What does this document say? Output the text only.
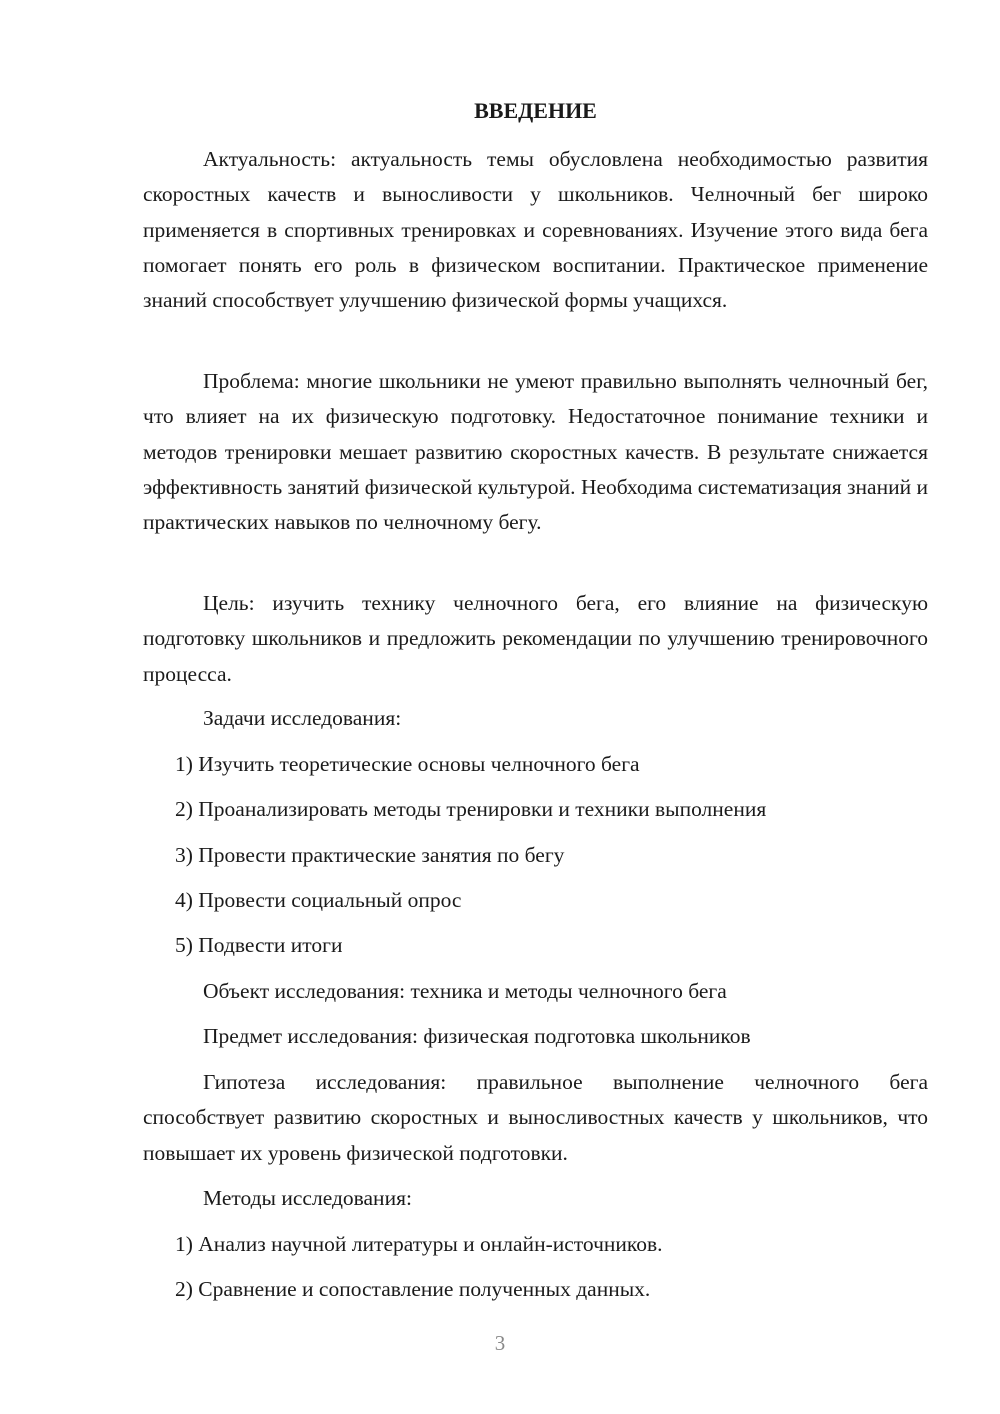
ВВЕДЕНИЕ

Актуальность: актуальность темы обусловлена необходимостью развития скоростных качеств и выносливости у школьников. Челночный бег широко применяется в спортивных тренировках и соревнованиях. Изучение этого вида бега помогает понять его роль в физическом воспитании. Практическое применение знаний способствует улучшению физической формы учащихся.

Проблема: многие школьники не умеют правильно выполнять челночный бег, что влияет на их физическую подготовку. Недостаточное понимание техники и методов тренировки мешает развитию скоростных качеств. В результате снижается эффективность занятий физической культурой. Необходима систематизация знаний и практических навыков по челночному бегу.

Цель: изучить технику челночного бега, его влияние на физическую подготовку школьников и предложить рекомендации по улучшению тренировочного процесса.

Задачи исследования:
1) Изучить теоретические основы челночного бега
2) Проанализировать методы тренировки и техники выполнения
3) Провести практические занятия по бегу
4) Провести социальный опрос
5) Подвести итоги
Объект исследования: техника и методы челночного бега
Предмет исследования: физическая подготовка школьников

Гипотеза исследования: правильное выполнение челночного бега способствует развитию скоростных и выносливостных качеств у школьников, что повышает их уровень физической подготовки.

Методы исследования:
1) Анализ научной литературы и онлайн-источников.
2) Сравнение и сопоставление полученных данных.
3
